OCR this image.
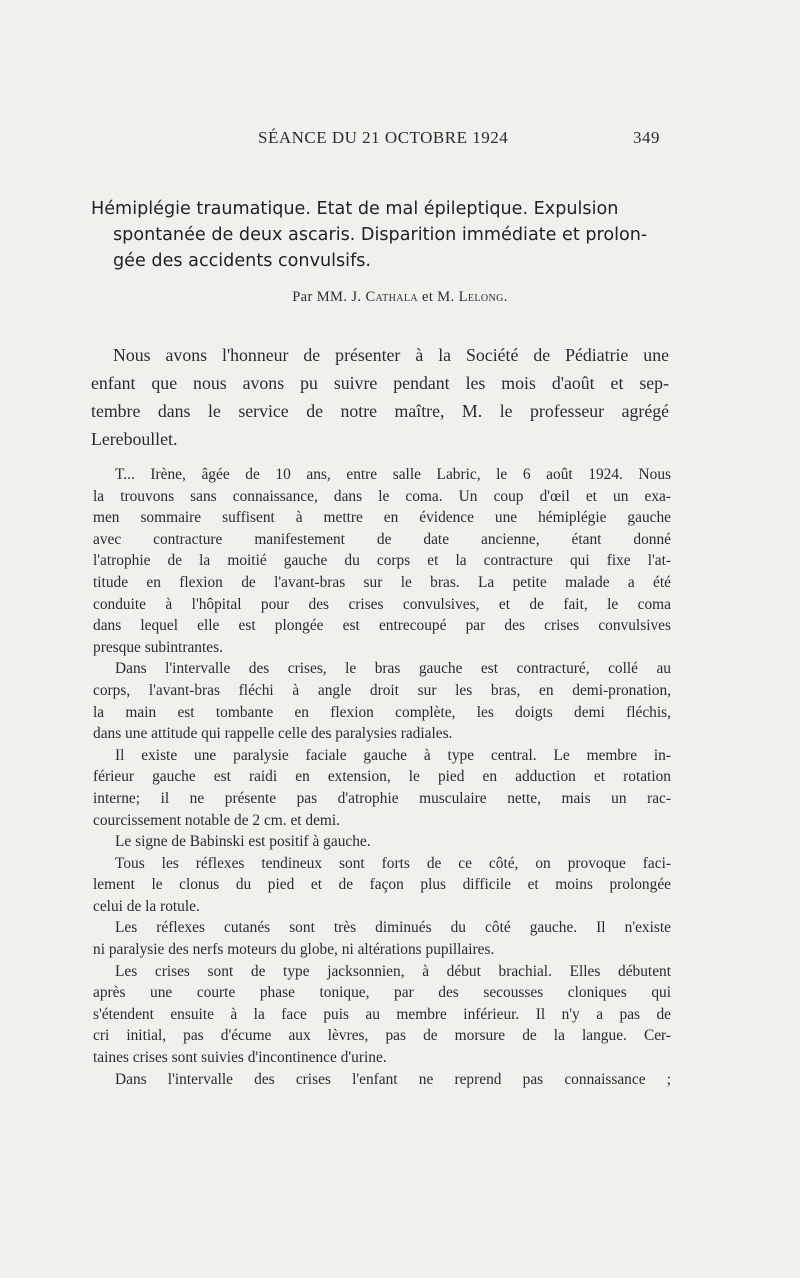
SÉANCE DU 21 OCTOBRE 1924	349
Hémiplégie traumatique. Etat de mal épileptique. Expulsion
spontanée de deux ascaris. Disparition immédiate et prolon-
gée des accidents convulsifs.
Par MM. J. Cathala et M. Lelong.
Nous avons l'honneur de présenter à la Société de Pédiatrie une
enfant que nous avons pu suivre pendant les mois d'août et sep-
tembre dans le service de notre maître, M. le professeur agrégé
Lereboullet.
T... Irène, âgée de 10 ans, entre salle Labric, le 6 août 1924. Nous
la trouvons sans connaissance, dans le coma. Un coup d'œil et un exa-
men sommaire suffisent à mettre en évidence une hémiplégie gauche
avec contracture manifestement de date ancienne, étant donné
l'atrophie de la moitié gauche du corps et la contracture qui fixe l'at-
titude en flexion de l'avant-bras sur le bras. La petite malade a été
conduite à l'hôpital pour des crises convulsives, et de fait, le coma
dans lequel elle est plongée est entrecoupé par des crises convulsives
presque subintrantes.
Dans l'intervalle des crises, le bras gauche est contracturé, collé au
corps, l'avant-bras fléchi à angle droit sur les bras, en demi-pronation,
la main est tombante en flexion complète, les doigts demi fléchis,
dans une attitude qui rappelle celle des paralysies radiales.
Il existe une paralysie faciale gauche à type central. Le membre in-
férieur gauche est raidi en extension, le pied en adduction et rotation
interne; il ne présente pas d'atrophie musculaire nette, mais un rac-
courcissement notable de 2 cm. et demi.
Le signe de Babinski est positif à gauche.
Tous les réflexes tendineux sont forts de ce côté, on provoque faci-
lement le clonus du pied et de façon plus difficile et moins prolongée
celui de la rotule.
Les réflexes cutanés sont très diminués du côté gauche. Il n'existe
ni paralysie des nerfs moteurs du globe, ni altérations pupillaires.
Les crises sont de type jacksonnien, à début brachial. Elles débutent
après une courte phase tonique, par des secousses cloniques qui
s'étendent ensuite à la face puis au membre inférieur. Il n'y a pas de
cri initial, pas d'écume aux lèvres, pas de morsure de la langue. Cer-
taines crises sont suivies d'incontinence d'urine.
Dans l'intervalle des crises l'enfant ne reprend pas connaissance ;
